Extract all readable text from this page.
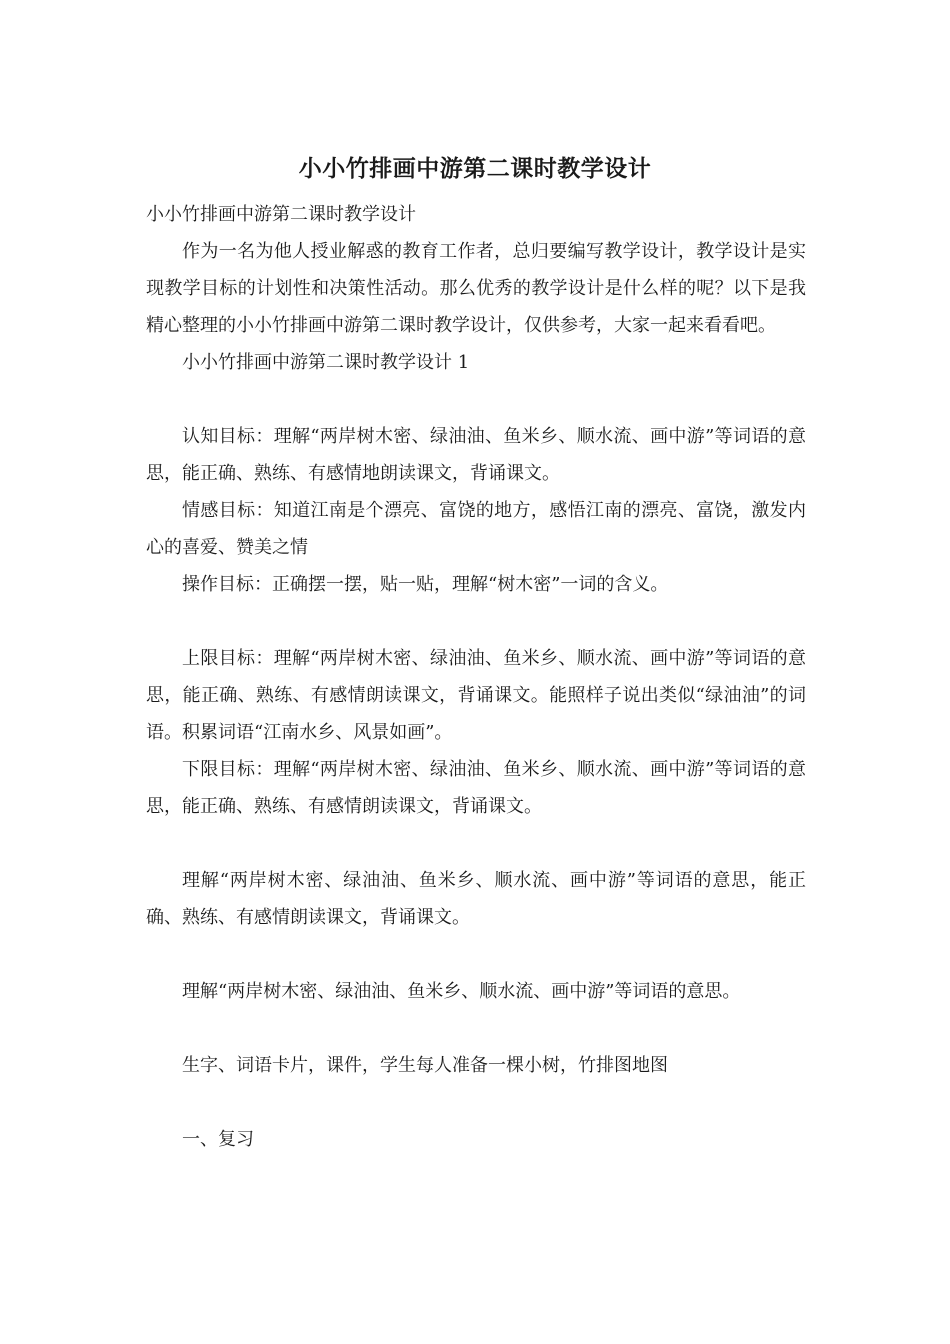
小小竹排画中游第二课时教学设计

小小竹排画中游第二课时教学设计

作为一名为他人授业解惑的教育工作者，总归要编写教学设计，教学设计是实现教学目标的计划性和决策性活动。那么优秀的教学设计是什么样的呢？以下是我精心整理的小小竹排画中游第二课时教学设计，仅供参考，大家一起来看看吧。

小小竹排画中游第二课时教学设计 1

认知目标：理解“两岸树木密、绿油油、鱼米乡、顺水流、画中游”等词语的意思，能正确、熟练、有感情地朗读课文，背诵课文。

情感目标：知道江南是个漂亮、富饶的地方，感悟江南的漂亮、富饶，激发内心的喜爱、赞美之情

操作目标：正确摆一摆，贴一贴，理解“树木密”一词的含义。

上限目标：理解“两岸树木密、绿油油、鱼米乡、顺水流、画中游”等词语的意思，能正确、熟练、有感情朗读课文，背诵课文。能照样子说出类似“绿油油”的词语。积累词语“江南水乡、风景如画”。

下限目标：理解“两岸树木密、绿油油、鱼米乡、顺水流、画中游”等词语的意思，能正确、熟练、有感情朗读课文，背诵课文。

理解“两岸树木密、绿油油、鱼米乡、顺水流、画中游”等词语的意思，能正确、熟练、有感情朗读课文，背诵课文。

理解“两岸树木密、绿油油、鱼米乡、顺水流、画中游”等词语的意思。

生字、词语卡片，课件，学生每人准备一棵小树，竹排图地图

一、复习
